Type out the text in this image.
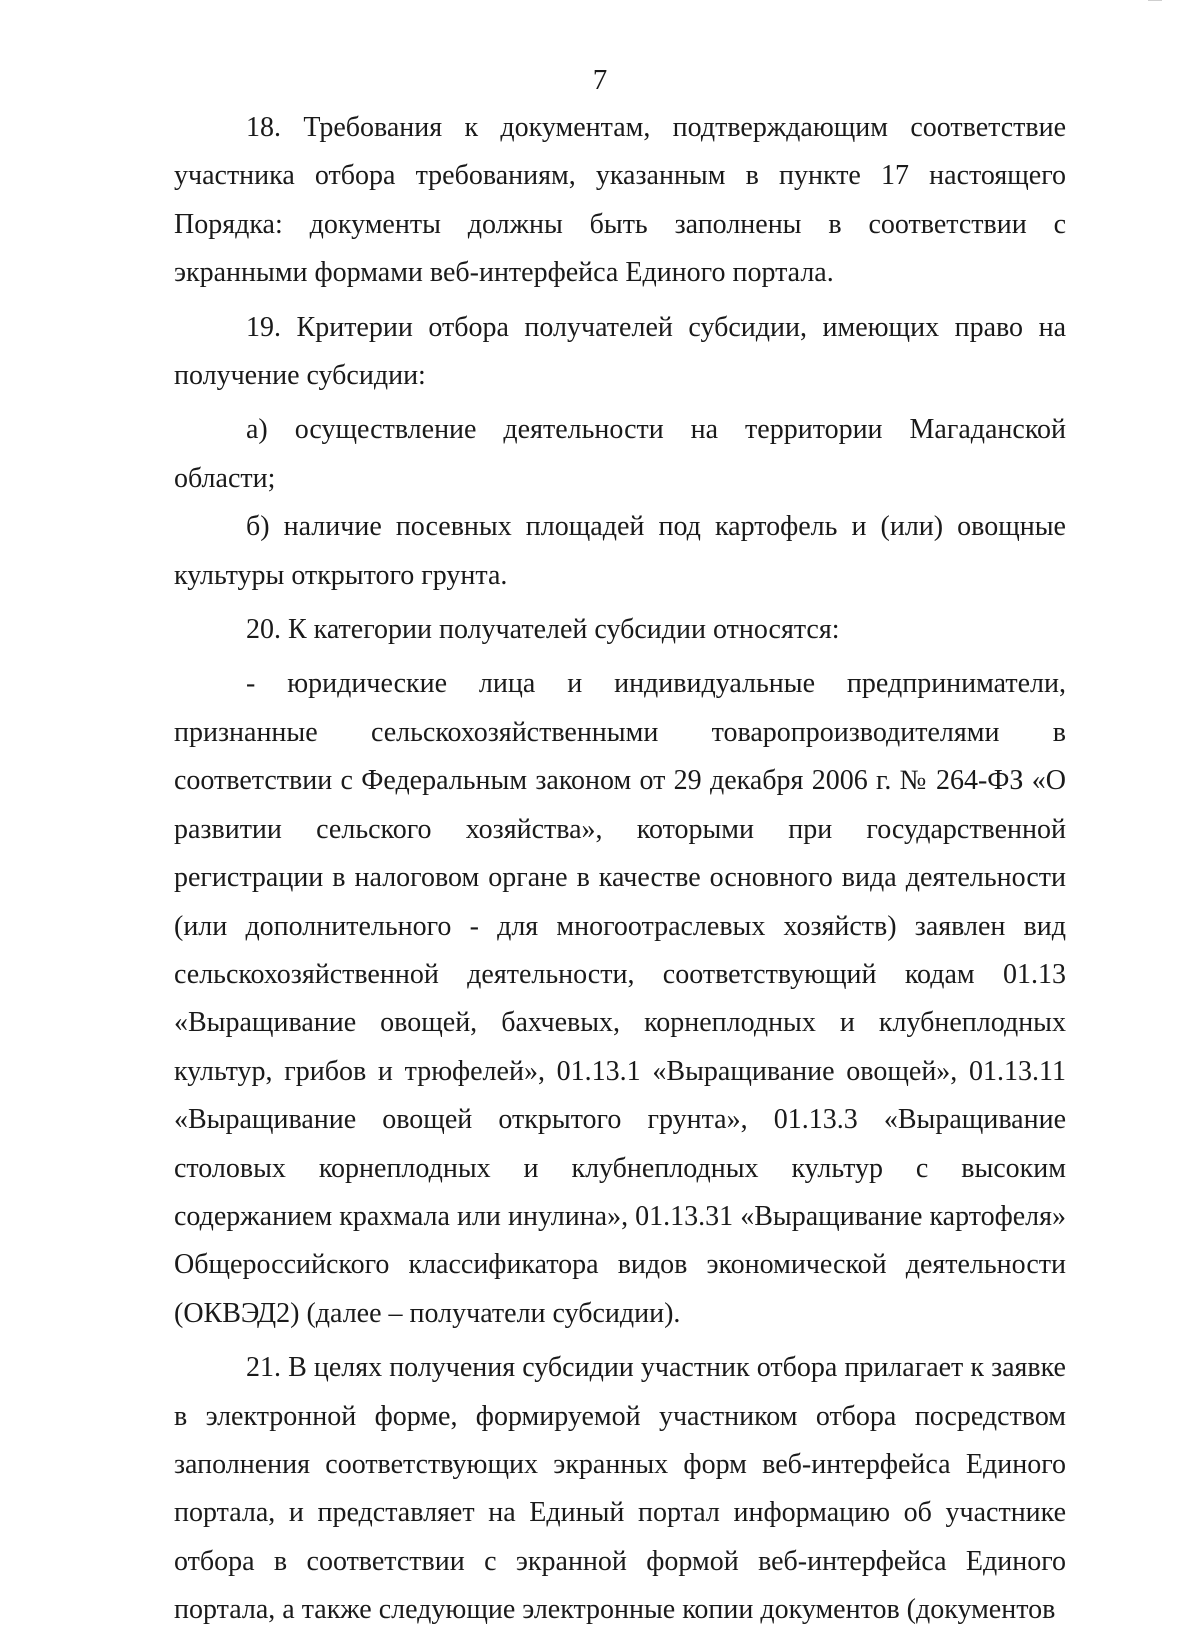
7

18. Требования к документам, подтверждающим соответствие участника отбора требованиям, указанным в пункте 17 настоящего Порядка: документы должны быть заполнены в соответствии с экранными формами веб-интерфейса Единого портала.

19. Критерии отбора получателей субсидии, имеющих право на получение субсидии:

а) осуществление деятельности на территории Магаданской области;

б) наличие посевных площадей под картофель и (или) овощные культуры открытого грунта.

20. К категории получателей субсидии относятся:

- юридические лица и индивидуальные предприниматели, признанные сельскохозяйственными товаропроизводителями в соответствии с Федеральным законом от 29 декабря 2006 г. № 264-ФЗ «О развитии сельского хозяйства», которыми при государственной регистрации в налоговом органе в качестве основного вида деятельности (или дополнительного - для многоотраслевых хозяйств) заявлен вид сельскохозяйственной деятельности, соответствующий кодам 01.13 «Выращивание овощей, бахчевых, корнеплодных и клубнеплодных культур, грибов и трюфелей», 01.13.1 «Выращивание овощей», 01.13.11 «Выращивание овощей открытого грунта», 01.13.3 «Выращивание столовых корнеплодных и клубнеплодных культур с высоким содержанием крахмала или инулина», 01.13.31 «Выращивание картофеля» Общероссийского классификатора видов экономической деятельности (ОКВЭД2) (далее – получатели субсидии).

21. В целях получения субсидии участник отбора прилагает к заявке в электронной форме, формируемой участником отбора посредством заполнения соответствующих экранных форм веб-интерфейса Единого портала, и представляет на Единый портал информацию об участнике отбора в соответствии с экранной формой веб-интерфейса Единого портала, а также следующие электронные копии документов (документов
